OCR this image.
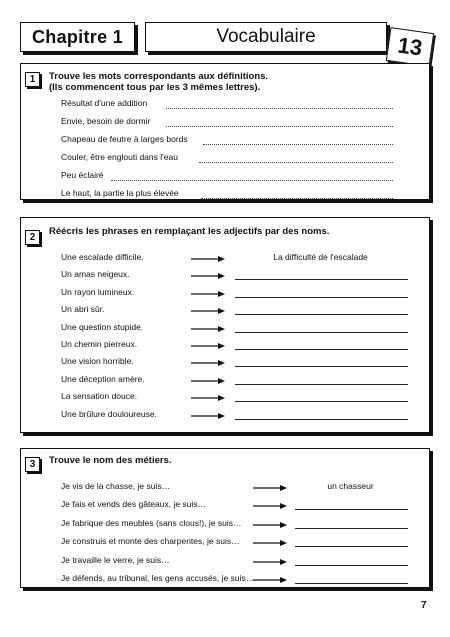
Chapitre 1	Vocabulaire	13
1	Trouve les mots correspondants aux définitions.
(Ils commencent tous par les 3 mêmes lettres).
Résultat d'une addition
Envie, besoin de dormir
Chapeau de feutre à larges bords
Couler, être englouti dans l'eau
Peu éclairé
Le haut, la partie la plus élevée
2
Réécris les phrases en remplaçant les adjectifs par des noms.
Une escalade difficile.	La difficulté de l'escalade
Un amas neigeux.
Un rayon lumineux.
Un abri sûr.
Une question stupide.
Un chemin pierreux.
Une vision horrible.
Une déception amère.
La sensation douce.
Une brûlure douloureuse.
3	Trouve le nom des métiers.
Je vis de la chasse, je suis…	un chasseur
Je fais et vends des gâteaux, je suis…
Je fabrique des meubles (sans clous!), je suis…
Je construis et monte des charpentes, je suis…
Je travaille le verre, je suis…
Je défends, au tribunal, les gens accusés, je suis…
7
